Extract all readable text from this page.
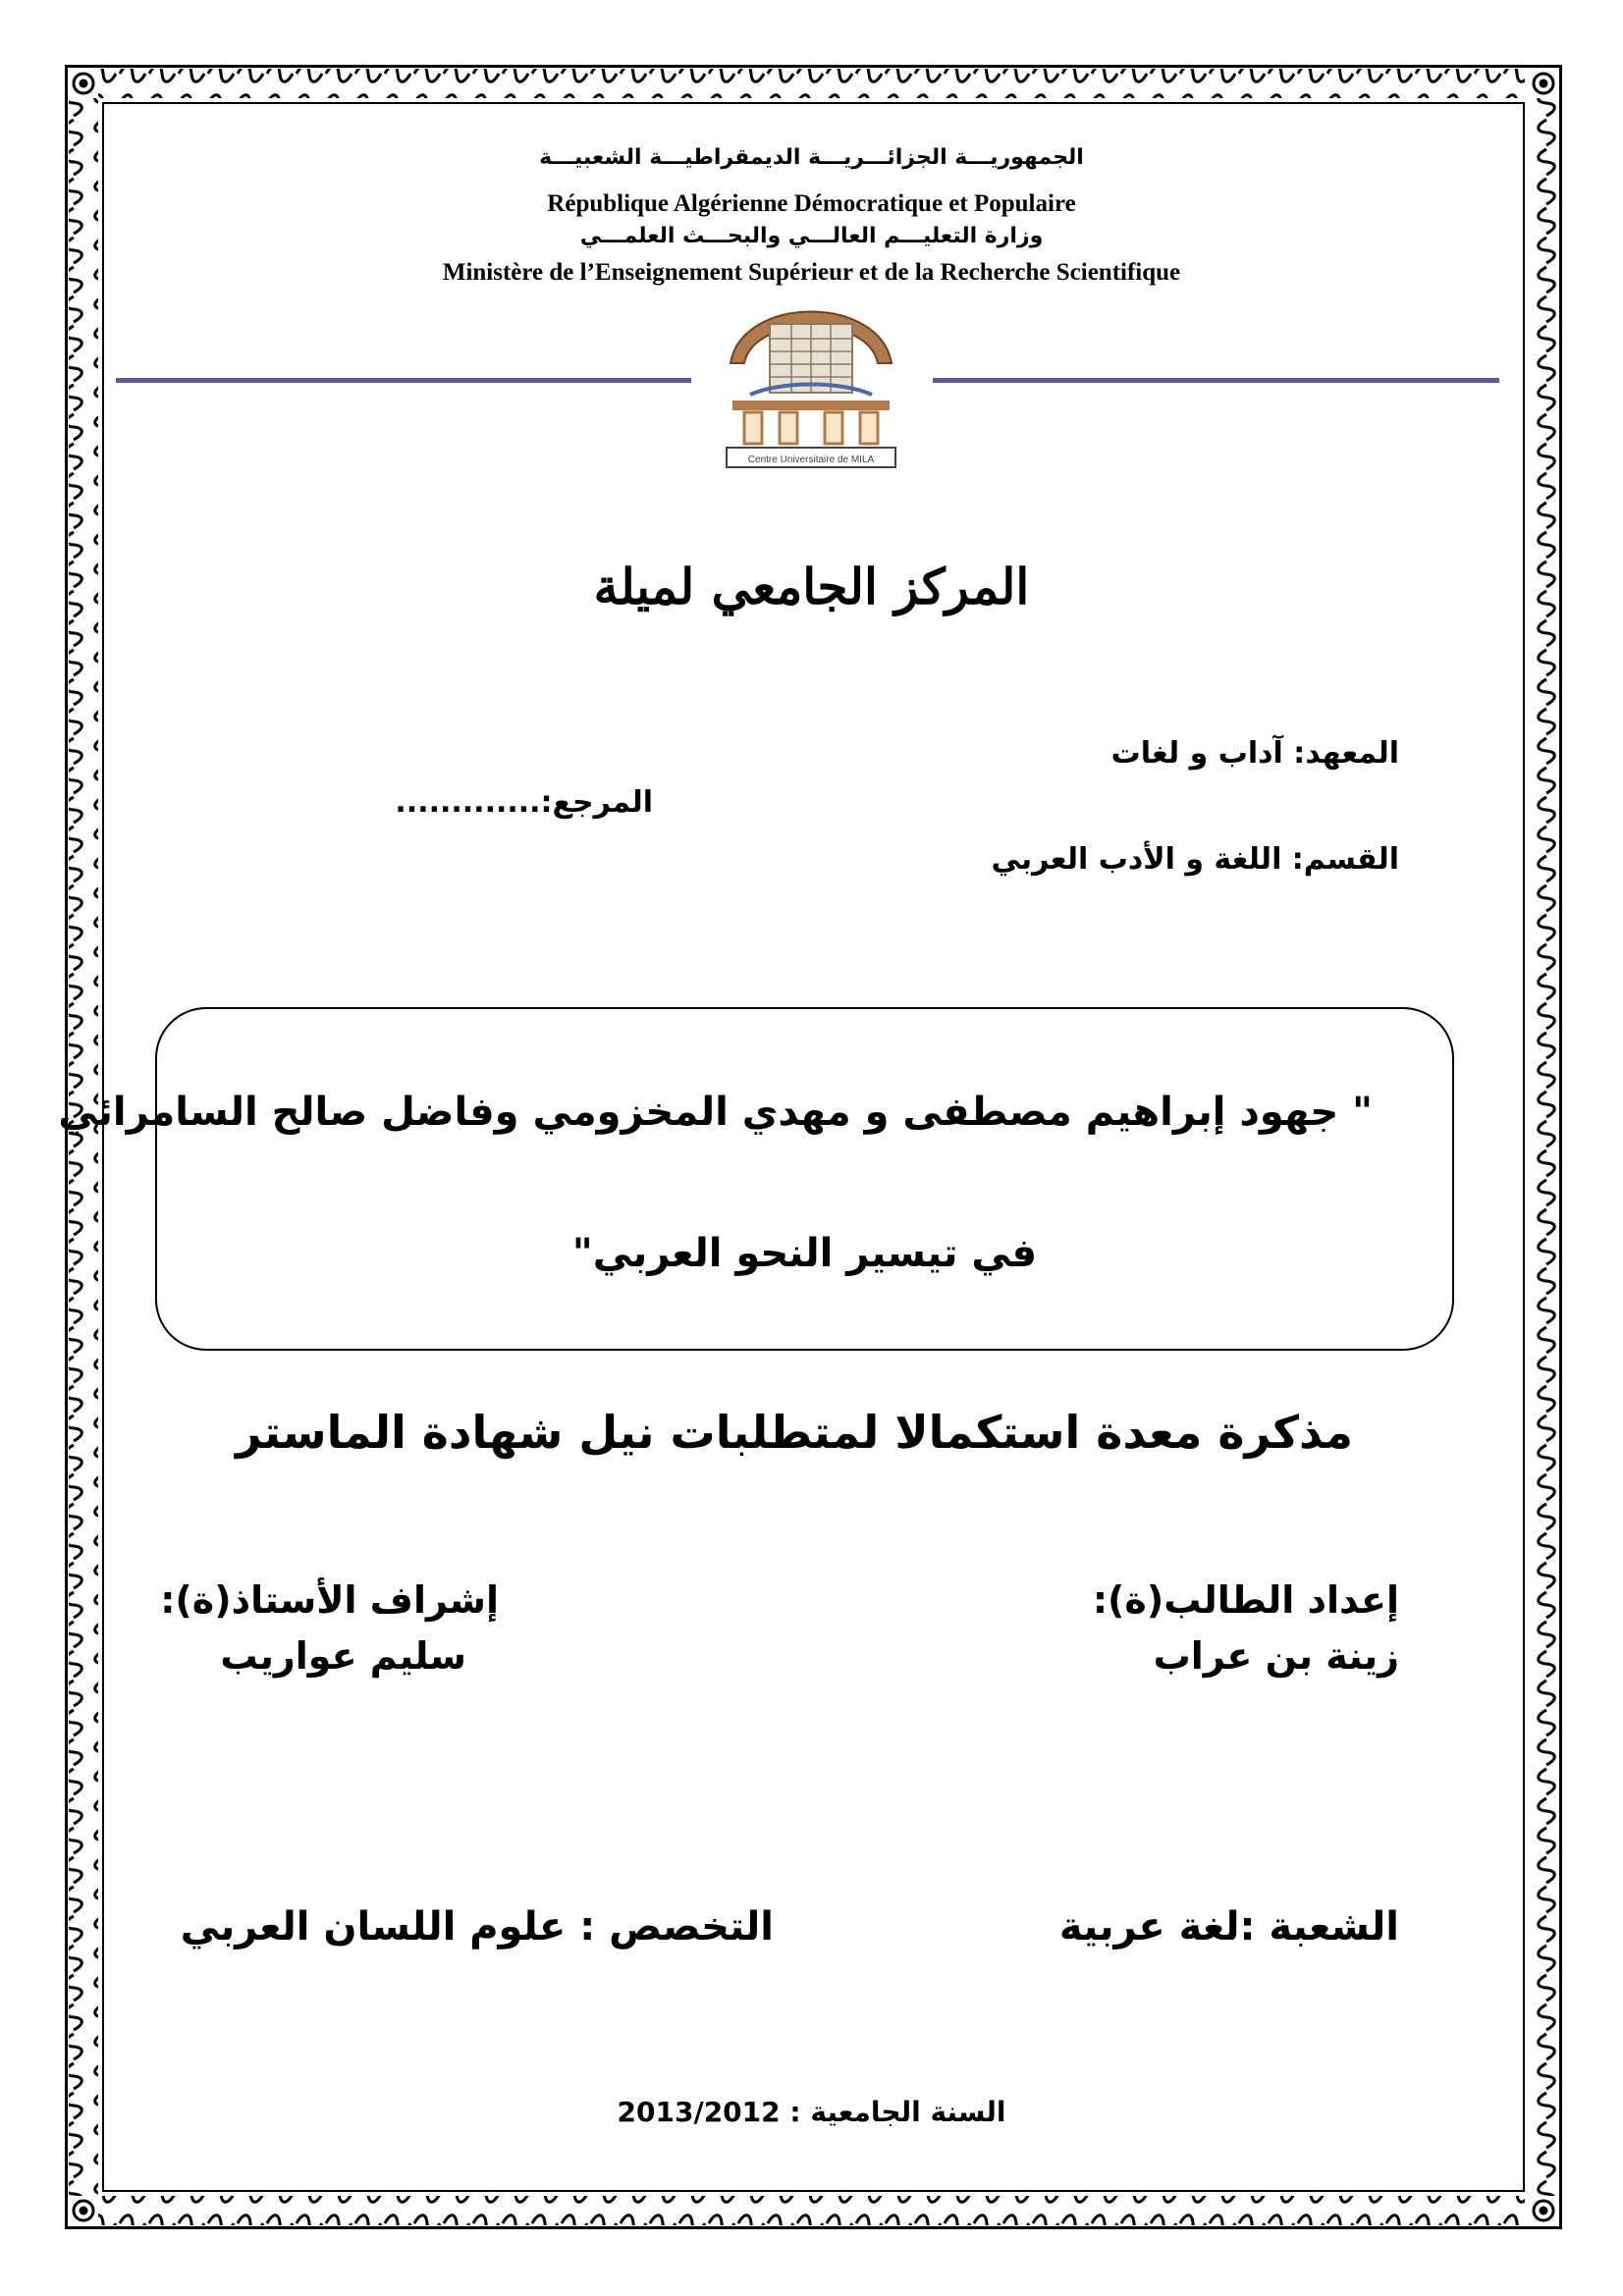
الجمهوريـــة الجزائـــريـــة الديمقراطيـــة الشعبيـــة
République Algérienne Démocratique et Populaire
وزارة التعليـــم العالـــي والبحـــث العلمـــي
Ministère de l’Enseignement Supérieur et de la Recherche Scientifique
Centre Universitaire de MILA
المركز الجامعي لميلة
المعهد: آداب و لغات
المرجع:.............
القسم: اللغة و الأدب العربي
" جهود إبراهيم مصطفى و مهدي المخزومي وفاضل صالح السامرائي
في تيسير النحو العربي"
مذكرة معدة استكمالا لمتطلبات نيل شهادة الماستر
إعداد الطالب(ة):
زينة بن عراب
إشراف الأستاذ(ة):
سليم عواريب
الشعبة :لغة عربية
التخصص : علوم اللسان العربي
السنة الجامعية : 2013/2012
